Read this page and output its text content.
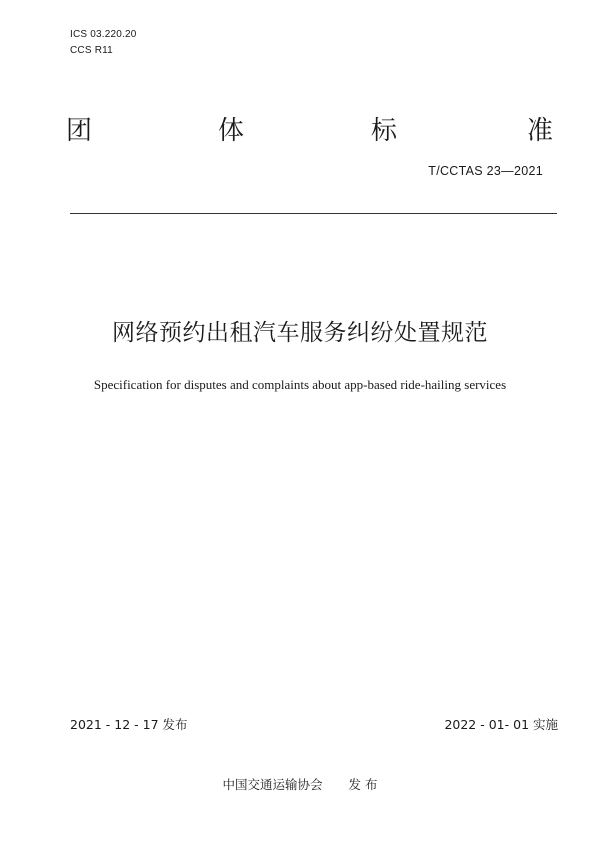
ICS 03.220.20
CCS R11
团	体	标	准
T/CCTAS 23—2021
网络预约出租汽车服务纠纷处置规范
Specification for disputes and complaints about app-based ride-hailing services
2021 - 12 - 17 发布	2022 - 01- 01 实施
中国交通运输协会 发 布
